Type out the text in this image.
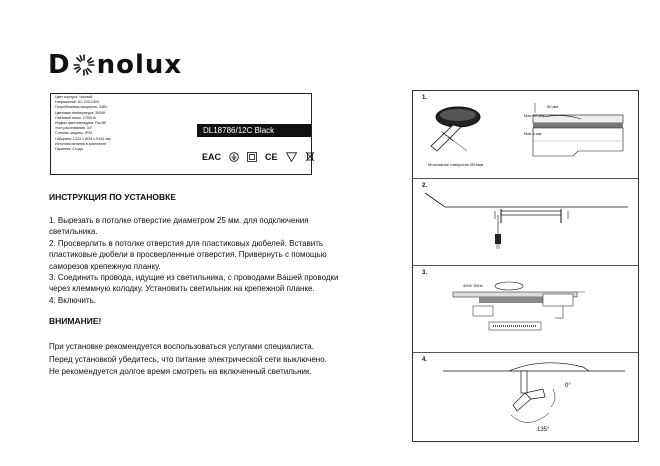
D nolux
Цвет корпуса: Черный
Напряжение: AC 220-240V
Потребляемая мощность: 24Вт
Цветовая температура: 3000K
Световой поток: 1780Lm
Индекс цветопередачи: Ra>80
Угол рассеивания: 34°
Степень защиты: IP20
Габариты: L323 x W34 x H181 мм
Источник питания в комплекте
Гарантия: 2 года
DL18786/12C Black
EAC	CE
ИНСТРУКЦИЯ ПО УСТАНОВКЕ
1. Вырезать в потолке отверстие диаметром 25 мм. для подключения
светильника.
2. Просверлить в потолке отверстия для пластиковых дюбелей. Вставить
пластиковые дюбели в просверленные отверстия. Привернуть с помощью
саморезов крепежную планку.
3. Соединить провода, идущие из светильника, с проводами Вашей проводки
через клеммную колодку. Установить светильник на крепежной планке.
4. Включить.
ВНИМАНИЕ!
При установке рекомендуется воспользоваться услугами специалиста.
Перед установкой убедитесь, что питание электрической сети выключено.
Не рекомендуется долгое время смотреть на включенный светильник.
1.
Max 90 мм
Max 5 мм
50 мм
Монтажное отверстие Ø25мм
2.
3.
400V 50Hz
4.
0°
135°
